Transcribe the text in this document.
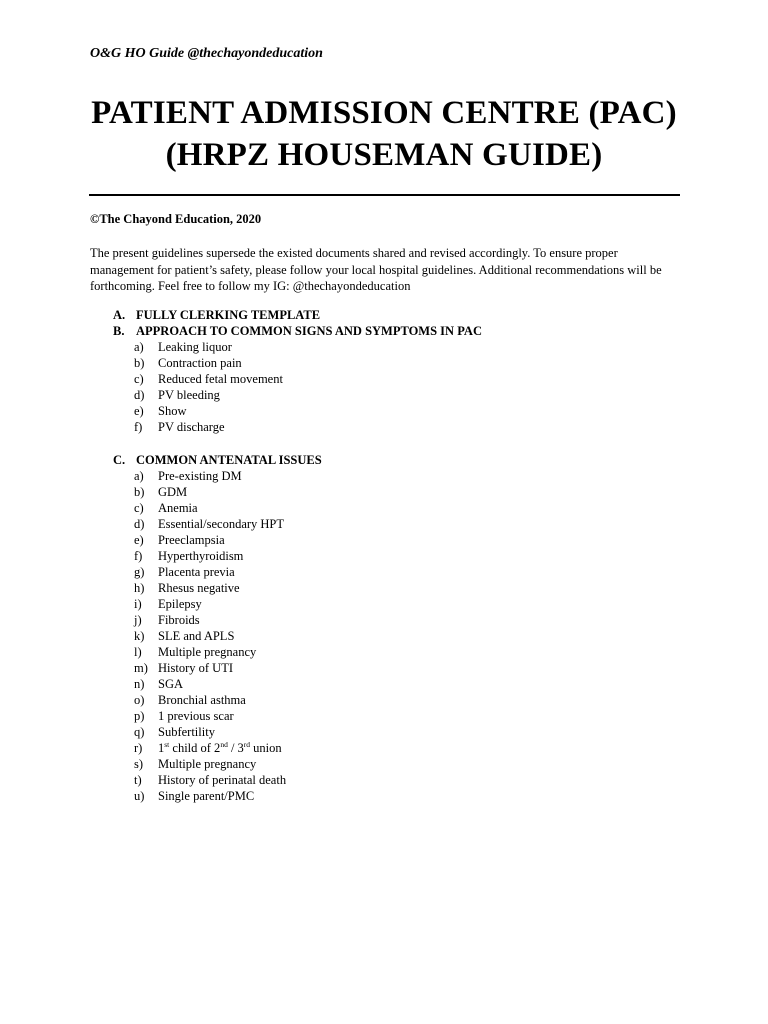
O&G HO Guide @thechayondeducation
PATIENT ADMISSION CENTRE (PAC)
(HRPZ HOUSEMAN GUIDE)
©The Chayond Education, 2020
The present guidelines supersede the existed documents shared and revised accordingly. To ensure proper management for patient’s safety, please follow your local hospital guidelines. Additional recommendations will be forthcoming. Feel free to follow my IG: @thechayondeducation
A. FULLY CLERKING TEMPLATE
B. APPROACH TO COMMON SIGNS AND SYMPTOMS IN PAC
a)	Leaking liquor
b)	Contraction pain
c)	Reduced fetal movement
d)	PV bleeding
e)	Show
f)	PV discharge
C. COMMON ANTENATAL ISSUES
a)	Pre-existing DM
b)	GDM
c)	Anemia
d)	Essential/secondary HPT
e)	Preeclampsia
f)	Hyperthyroidism
g)	Placenta previa
h)	Rhesus negative
i)	Epilepsy
j)	Fibroids
k)	SLE and APLS
l)	Multiple pregnancy
m) History of UTI
n)	SGA
o)	Bronchial asthma
p)	1 previous scar
q)	Subfertility
r)	1st child of 2nd / 3rd union
s)	Multiple pregnancy
t)	History of perinatal death
u)	Single parent/PMC
